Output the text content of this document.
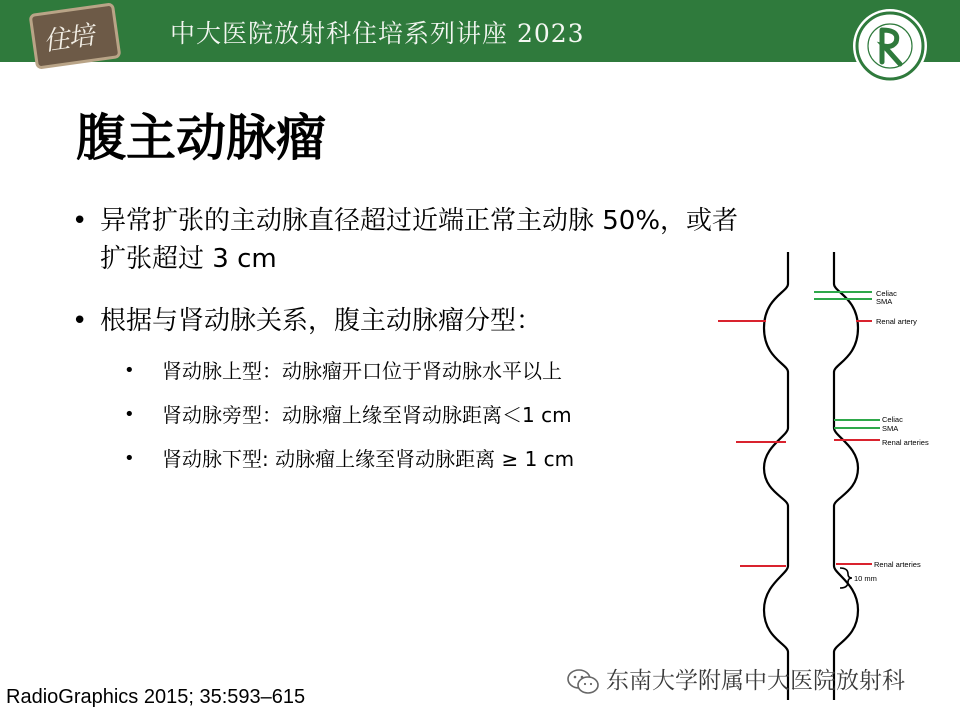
住培	中大医院放射科住培系列讲座 2023
腹主动脉瘤
• 异常扩张的主动脉直径超过近端正常主动脉 50%，或者
扩张超过 3 cm
• 根据与肾动脉关系，腹主动脉瘤分型：
• 肾动脉上型：动脉瘤开口位于肾动脉水平以上
• 肾动脉旁型：动脉瘤上缘至肾动脉距离＜1 cm
• 肾动脉下型: 动脉瘤上缘至肾动脉距离 ≥ 1 cm
Celiac
SMA
Renal artery
Celiac
SMA
Renal arteries
Renal arteries
10 mm
RadioGraphics 2015; 35:593–615
东南大学附属中大医院放射科
